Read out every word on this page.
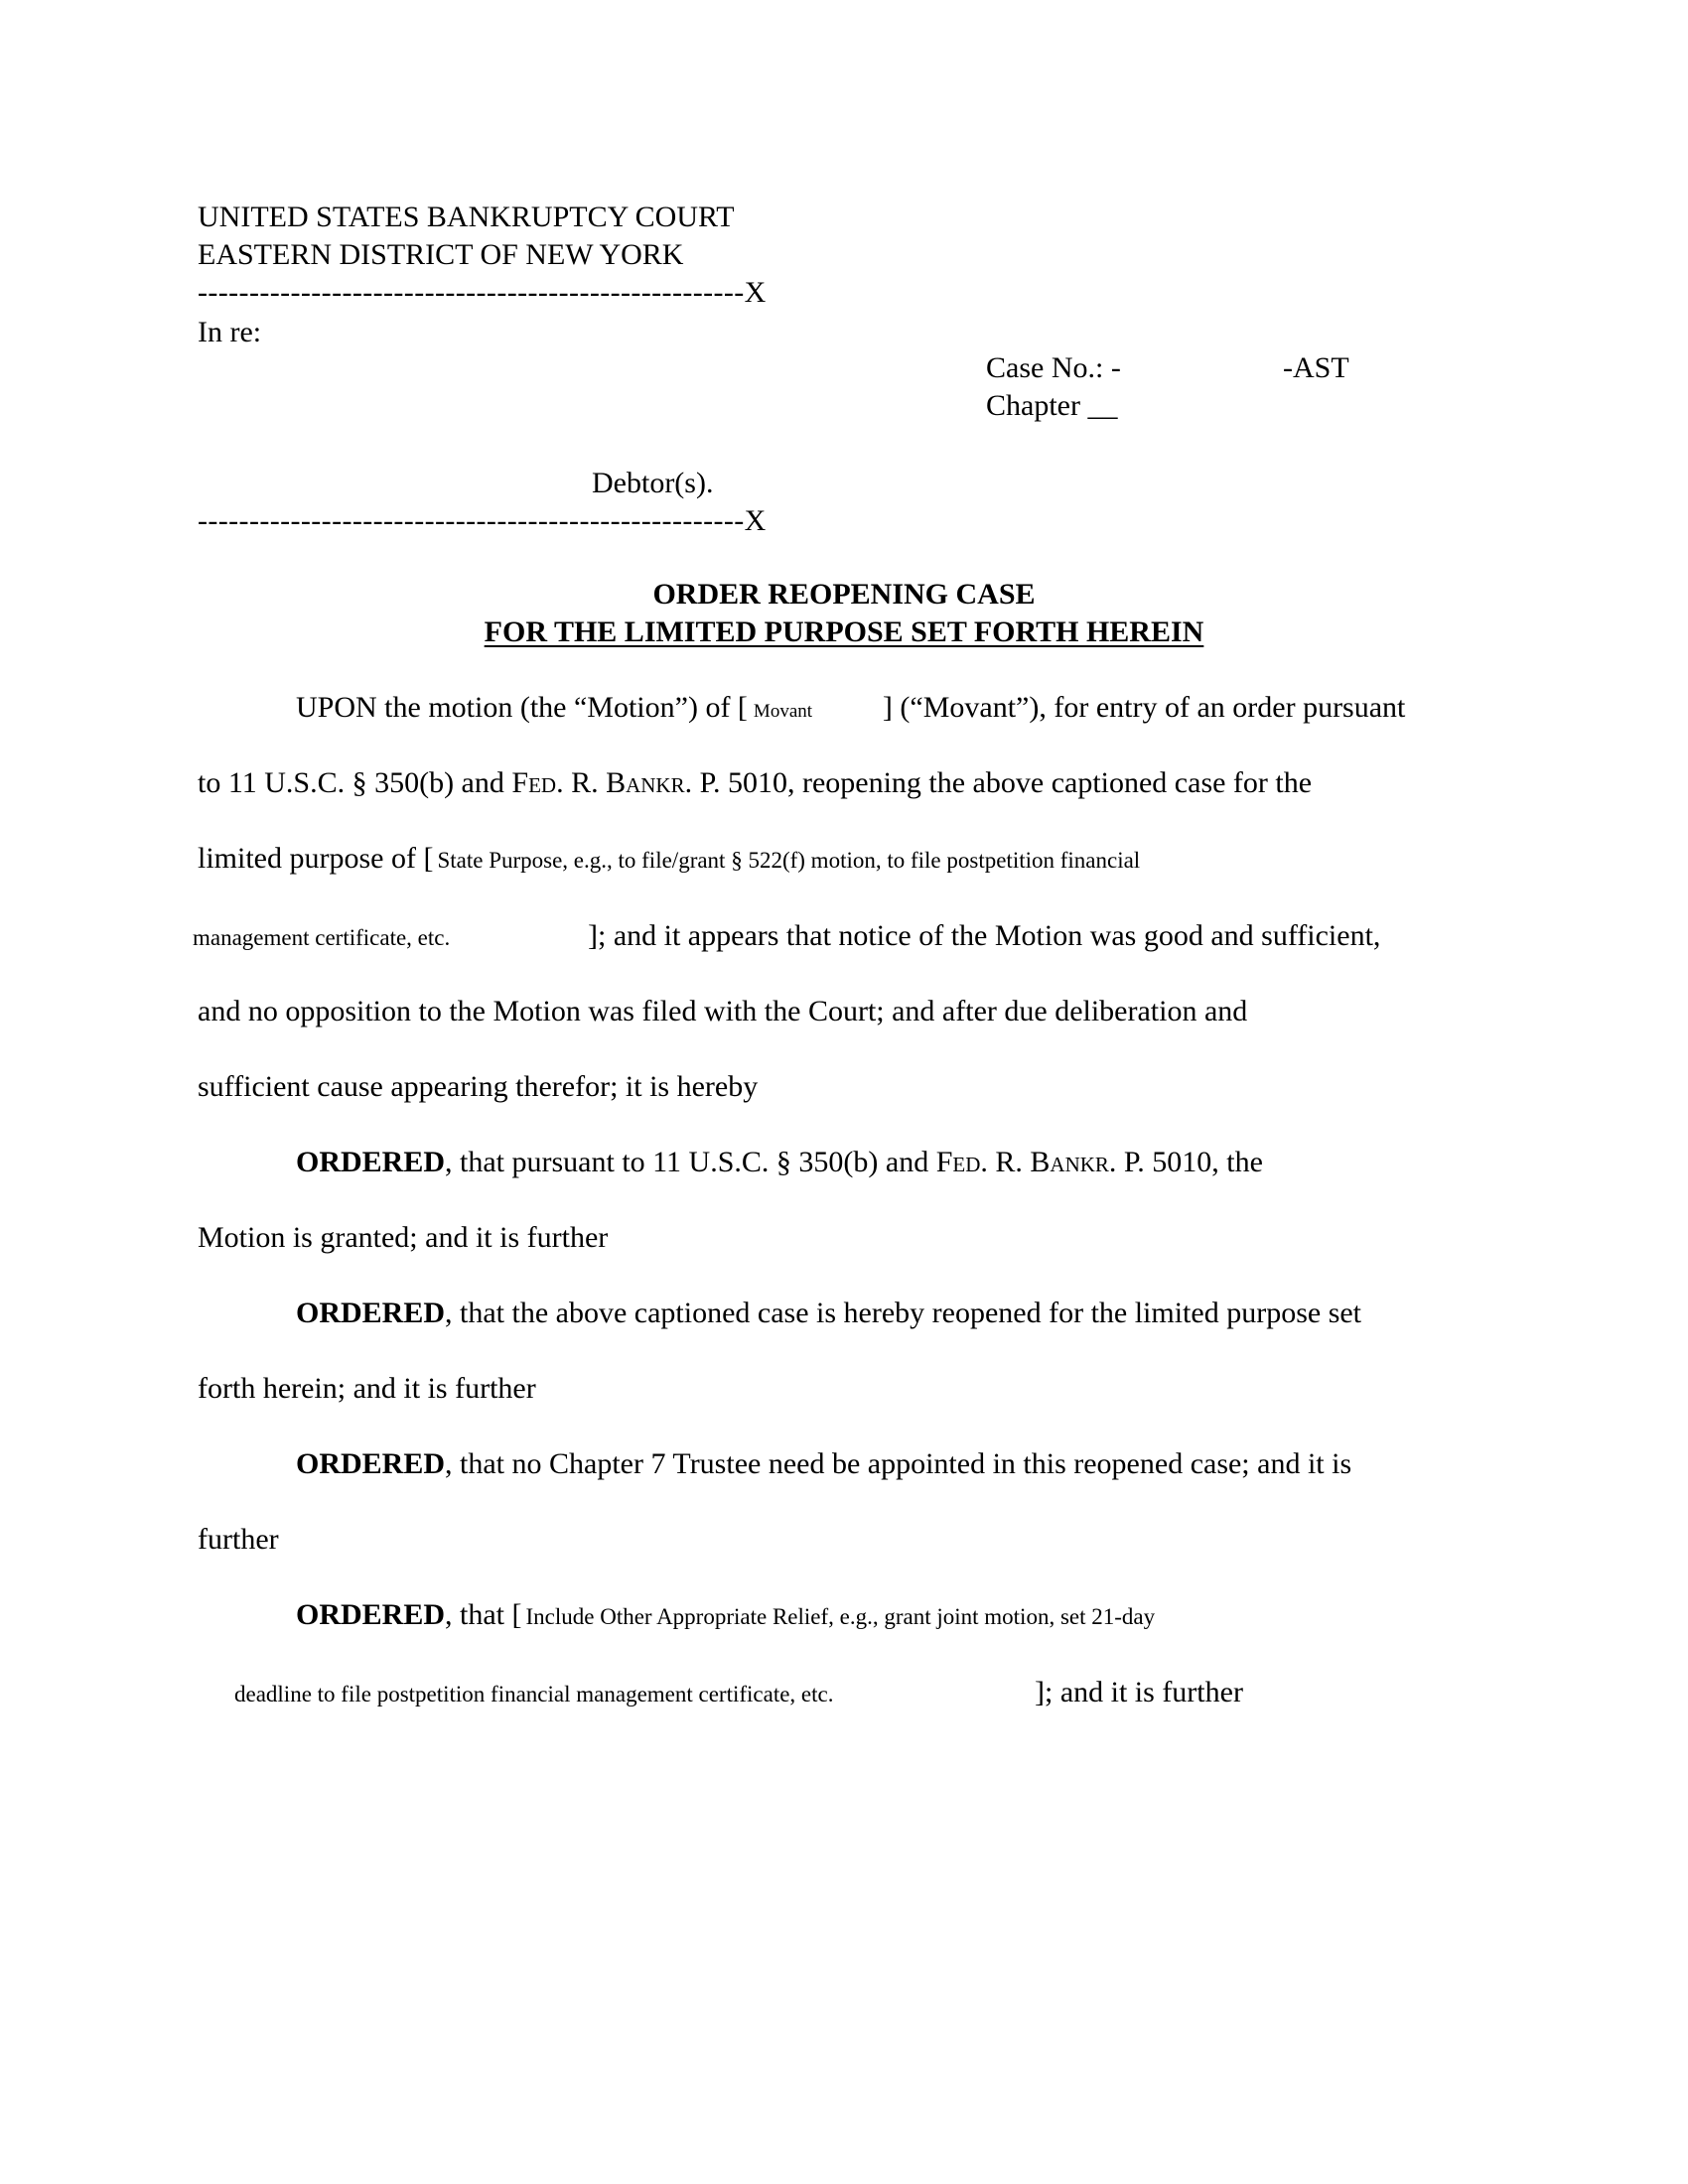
UNITED STATES BANKRUPTCY COURT
EASTERN DISTRICT OF NEW YORK
-----------------------------------------------------X
In re:
Case No.: -	-AST
Chapter __
Debtor(s).
-----------------------------------------------------X
ORDER REOPENING CASE
FOR THE LIMITED PURPOSE SET FORTH HEREIN
UPON the motion (the “Motion”) of [ Movant ] (“Movant”), for entry of an order pursuant
to 11 U.S.C. § 350(b) and Fed. R. Bankr. P. 5010, reopening the above captioned case for the
limited purpose of [ State Purpose, e.g., to file/grant § 522(f) motion, to file postpetition financial
management certificate, etc.	]; and it appears that notice of the Motion was good and sufficient,
and no opposition to the Motion was filed with the Court; and after due deliberation and
sufficient cause appearing therefor; it is hereby
ORDERED, that pursuant to 11 U.S.C. § 350(b) and Fed. R. Bankr. P. 5010, the
Motion is granted; and it is further
ORDERED, that the above captioned case is hereby reopened for the limited purpose set
forth herein; and it is further
ORDERED, that no Chapter 7 Trustee need be appointed in this reopened case; and it is
further
ORDERED, that [ Include Other Appropriate Relief, e.g., grant joint motion, set 21-day
deadline to file postpetition financial management certificate, etc.	]; and it is further
